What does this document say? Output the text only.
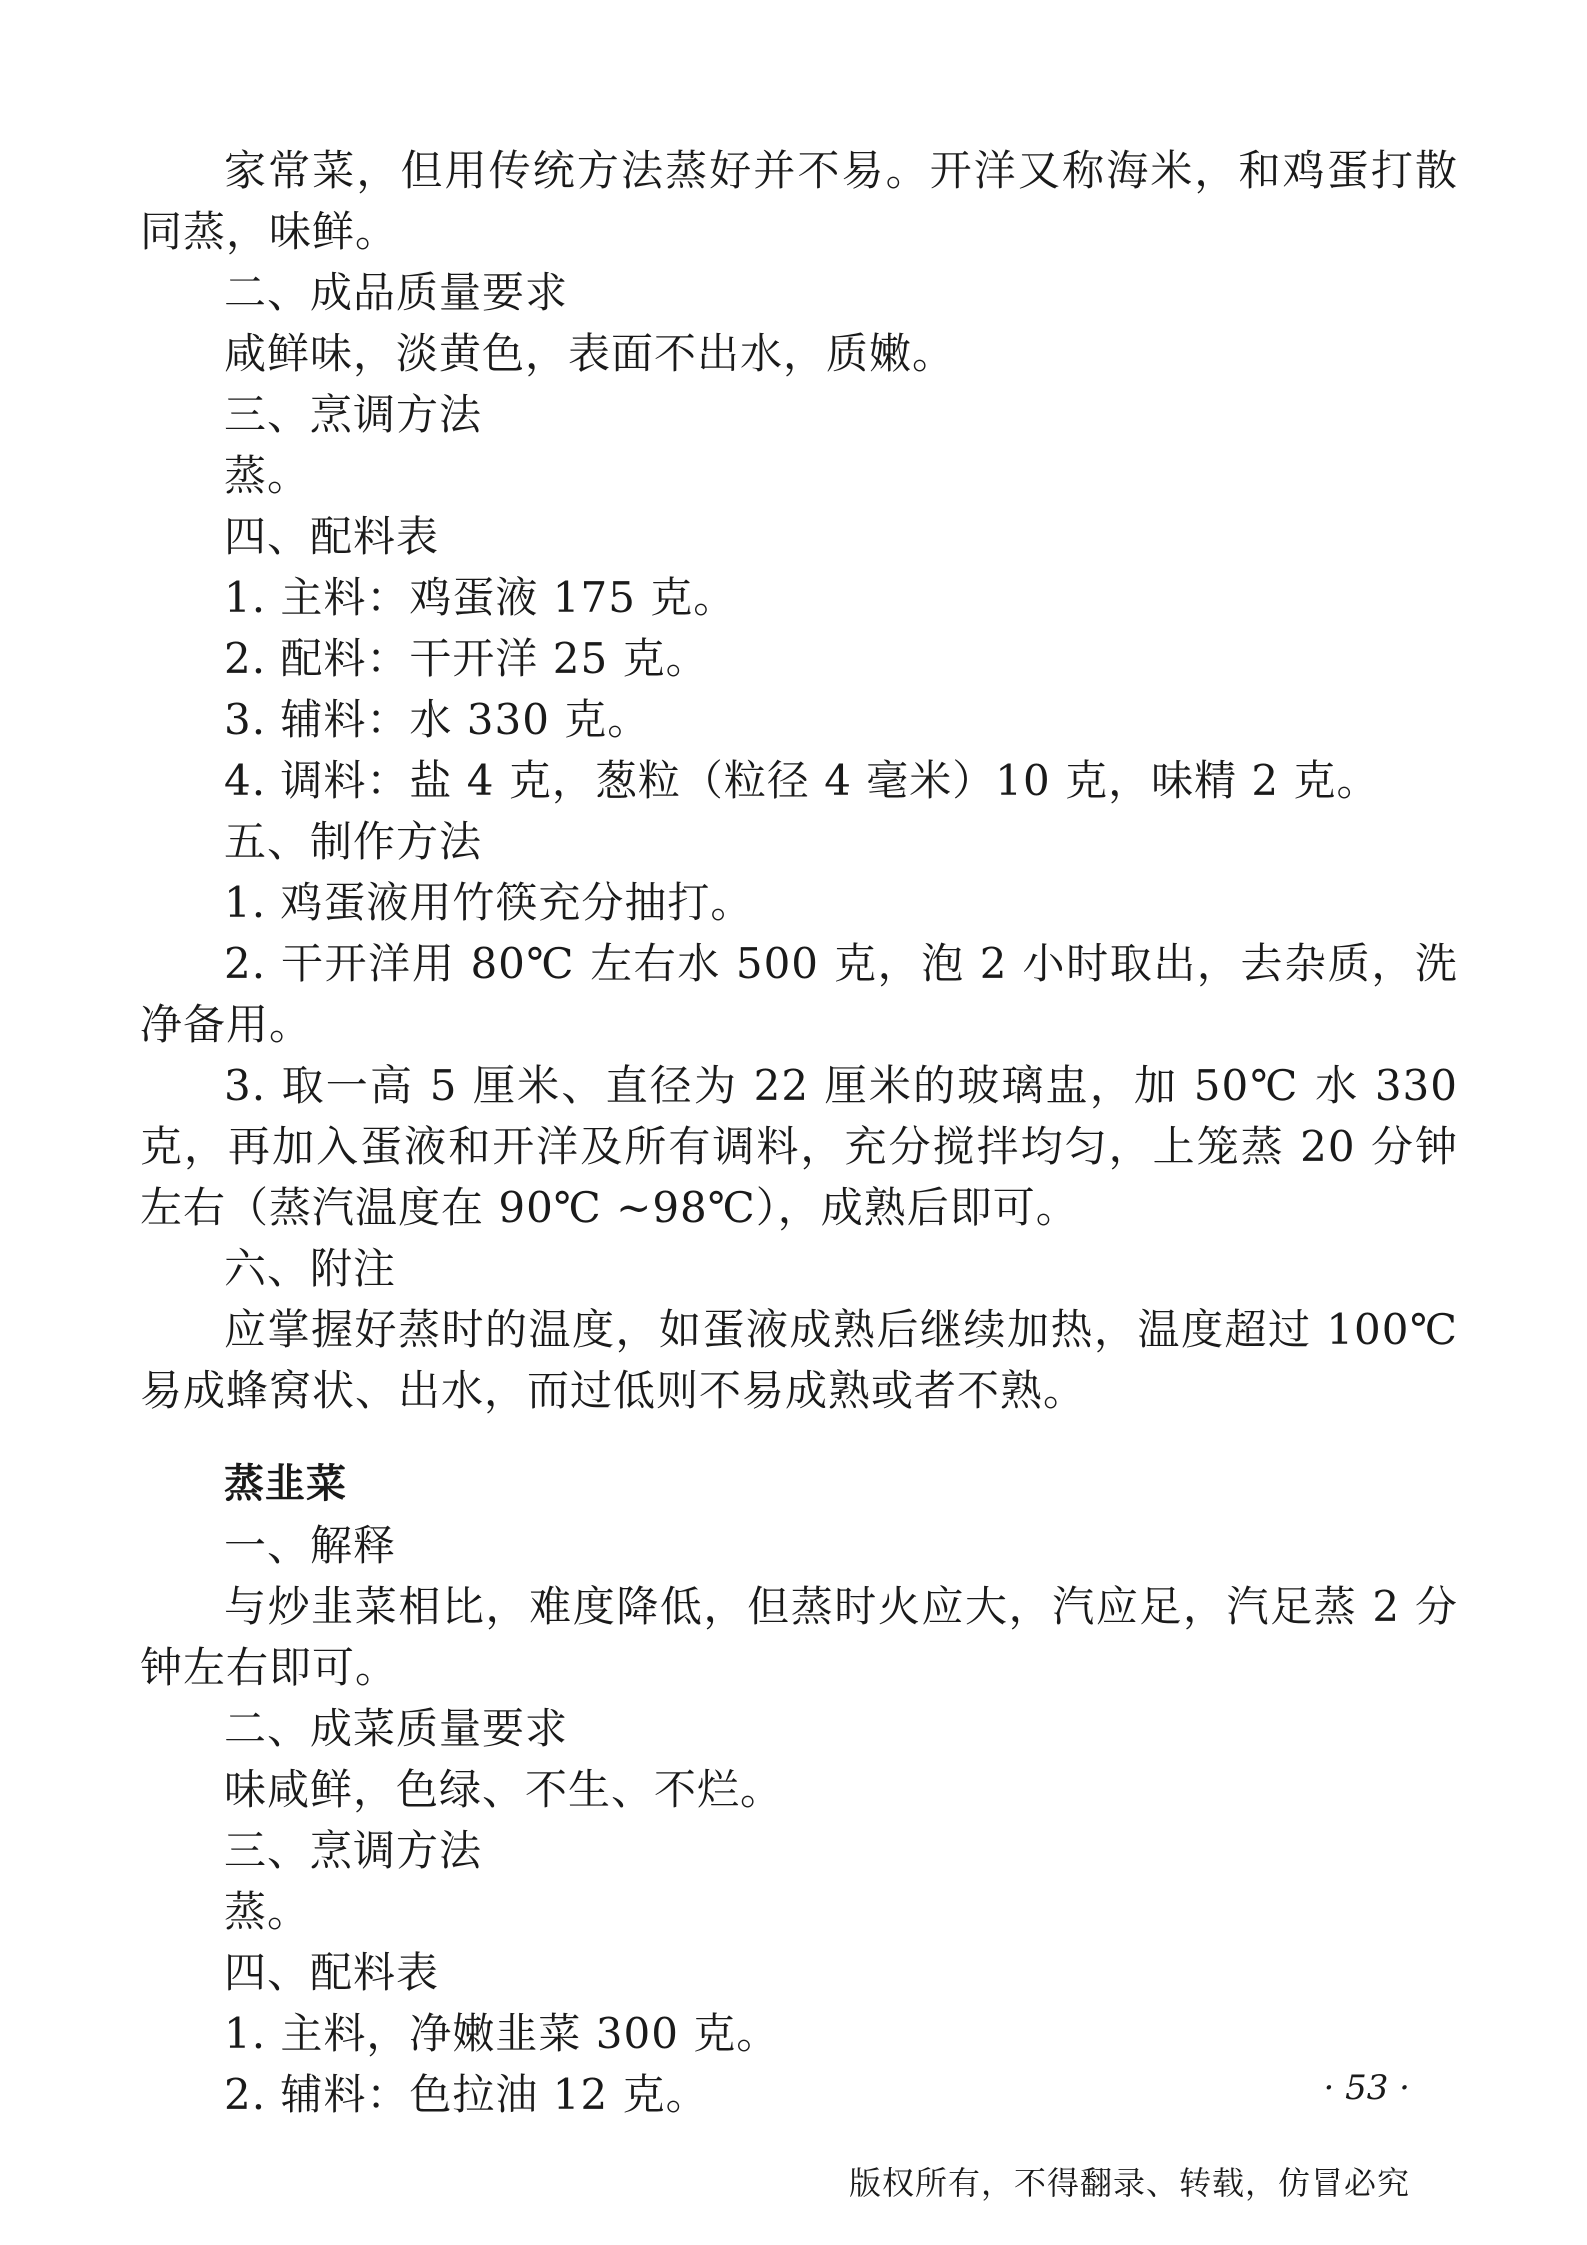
家常菜，但用传统方法蒸好并不易。开洋又称海米，和鸡蛋打散同蒸，味鲜。

二、成品质量要求

咸鲜味，淡黄色，表面不出水，质嫩。

三、烹调方法

蒸。

四、配料表

1. 主料：鸡蛋液 175 克。

2. 配料：干开洋 25 克。

3. 辅料：水 330 克。

4. 调料：盐 4 克，葱粒（粒径 4 毫米）10 克，味精 2 克。

五、制作方法

1. 鸡蛋液用竹筷充分抽打。

2. 干开洋用 80℃ 左右水 500 克，泡 2 小时取出，去杂质，洗净备用。

3. 取一高 5 厘米、直径为 22 厘米的玻璃盅，加 50℃ 水 330 克，再加入蛋液和开洋及所有调料，充分搅拌均匀，上笼蒸 20 分钟左右（蒸汽温度在 90℃ ~98℃），成熟后即可。

六、附注

应掌握好蒸时的温度，如蛋液成熟后继续加热，温度超过 100℃ 易成蜂窝状、出水，而过低则不易成熟或者不熟。

蒸韭菜

一、解释

与炒韭菜相比，难度降低，但蒸时火应大，汽应足，汽足蒸 2 分钟左右即可。

二、成菜质量要求

味咸鲜，色绿、不生、不烂。

三、烹调方法

蒸。

四、配料表

1. 主料，净嫩韭菜 300 克。

2. 辅料：色拉油 12 克。	· 53 ·
版权所有，不得翻录、转载，仿冒必究
